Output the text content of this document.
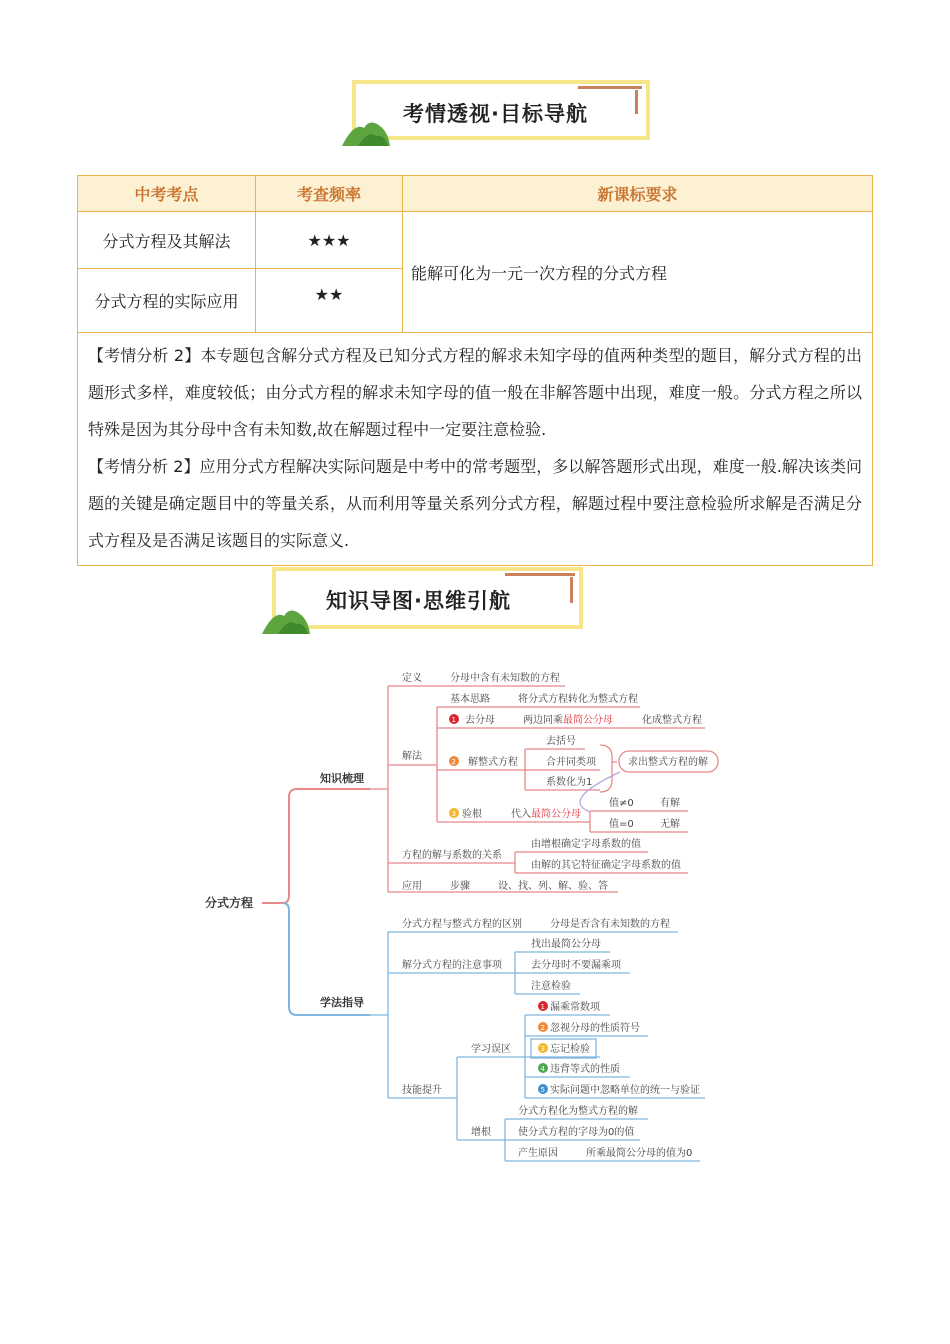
考情透视·目标导航
中考考点	考查频率	新课标要求
分式方程及其解法	★★★	能解可化为一元一次方程的分式方程
分式方程的实际应用	★★	

【考情分析 2】本专题包含解分式方程及已知分式方程的解求未知字母的值两种类型的题目，解分式方程的出题形式多样，难度较低；由分式方程的解求未知字母的值一般在非解答题中出现，难度一般。分式方程之所以特殊是因为其分母中含有未知数,故在解题过程中一定要注意检验.
【考情分析 2】应用分式方程解决实际问题是中考中的常考题型，多以解答题形式出现，难度一般.解决该类问题的关键是确定题目中的等量关系，从而利用等量关系列分式方程，解题过程中要注意检验所求解是否满足分式方程及是否满足该题目的实际意义.		
知识导图·思维引航
分式方程
知识梳理
定义	分母中含有未知数的方程
解法
基本思路	将分式方程转化为整式方程
1 去分母	两边同乘最简公分母	化成整式方程
2 解整式方程
去括号
合并同类项
系数化为1
求出整式方程的解
3 验根	代入最简公分母
值≠0	有解
值=0	无解
方程的解与系数的关系
由增根确定字母系数的值
由解的其它特征确定字母系数的值
应用	步骤	设、找、列、解、验、答
学法指导
分式方程与整式方程的区别	分母是否含有未知数的方程
解分式方程的注意事项
找出最简公分母
去分母时不要漏乘项
注意检验
技能提升
学习误区
1 漏乘常数项
2 忽视分母的性质符号
3 忘记检验
4 违背等式的性质
5 实际问题中忽略单位的统一与验证
增根
分式方程化为整式方程的解
使分式方程的字母为0的值
产生原因	所乘最简公分母的值为0
